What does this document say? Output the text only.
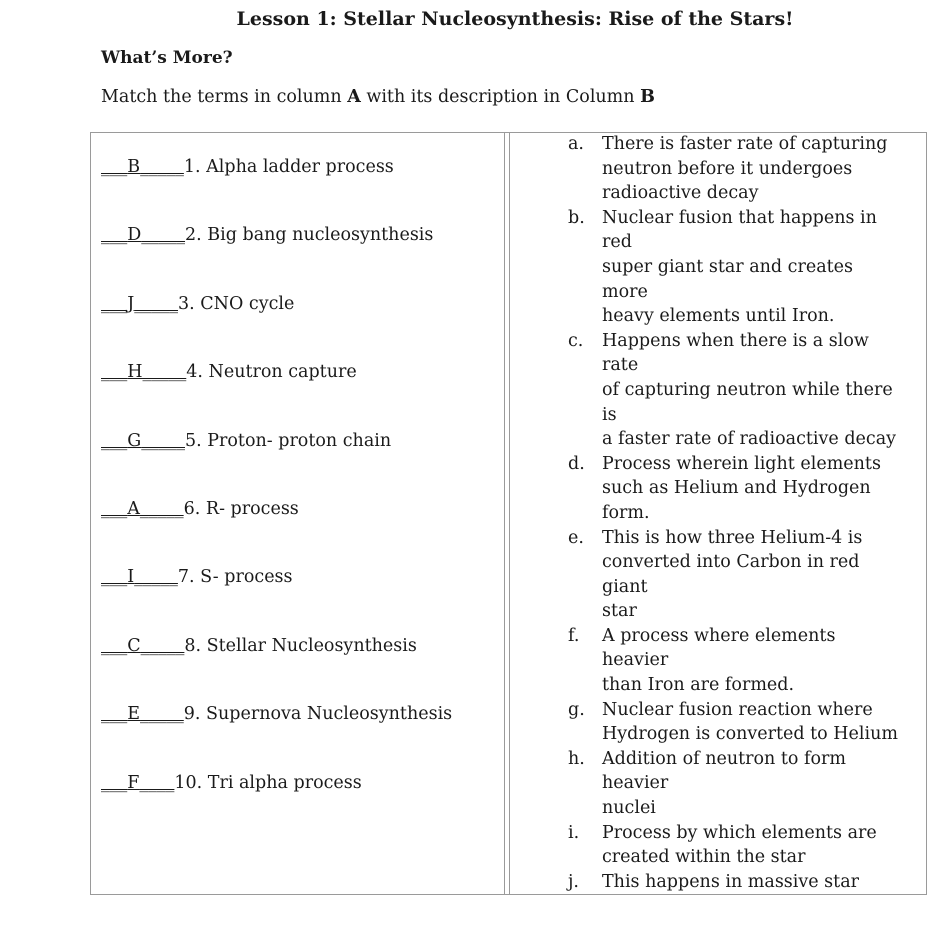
Lesson 1: Stellar Nucleosynthesis: Rise of the Stars!
What’s More?
Match the terms in column A with its description in Column B
___B_____1. Alpha ladder process
___D_____2. Big bang nucleosynthesis
___J_____3. CNO cycle
___H_____4. Neutron capture
___G_____5. Proton- proton chain
___A_____6. R- process
___I_____7. S- process
___C_____8. Stellar Nucleosynthesis
___E_____9. Supernova Nucleosynthesis
___F____10. Tri alpha process
a.	There is faster rate of capturing
neutron before it undergoes
radioactive decay
b. Nuclear fusion that happens in
red
super giant star and creates
more
heavy elements until Iron.
c.	Happens when there is a slow
rate
of capturing neutron while there
is
a faster rate of radioactive decay
d. Process wherein light elements
such as Helium and Hydrogen
form.
e.	This is how three Helium-4 is
converted into Carbon in red
giant
star
f.	A process where elements
heavier
than Iron are formed.
g. Nuclear fusion reaction where
Hydrogen is converted to Helium
h. Addition of neutron to form
heavier
nuclei
i.	Process by which elements are
created within the star
j.	This happens in massive star
